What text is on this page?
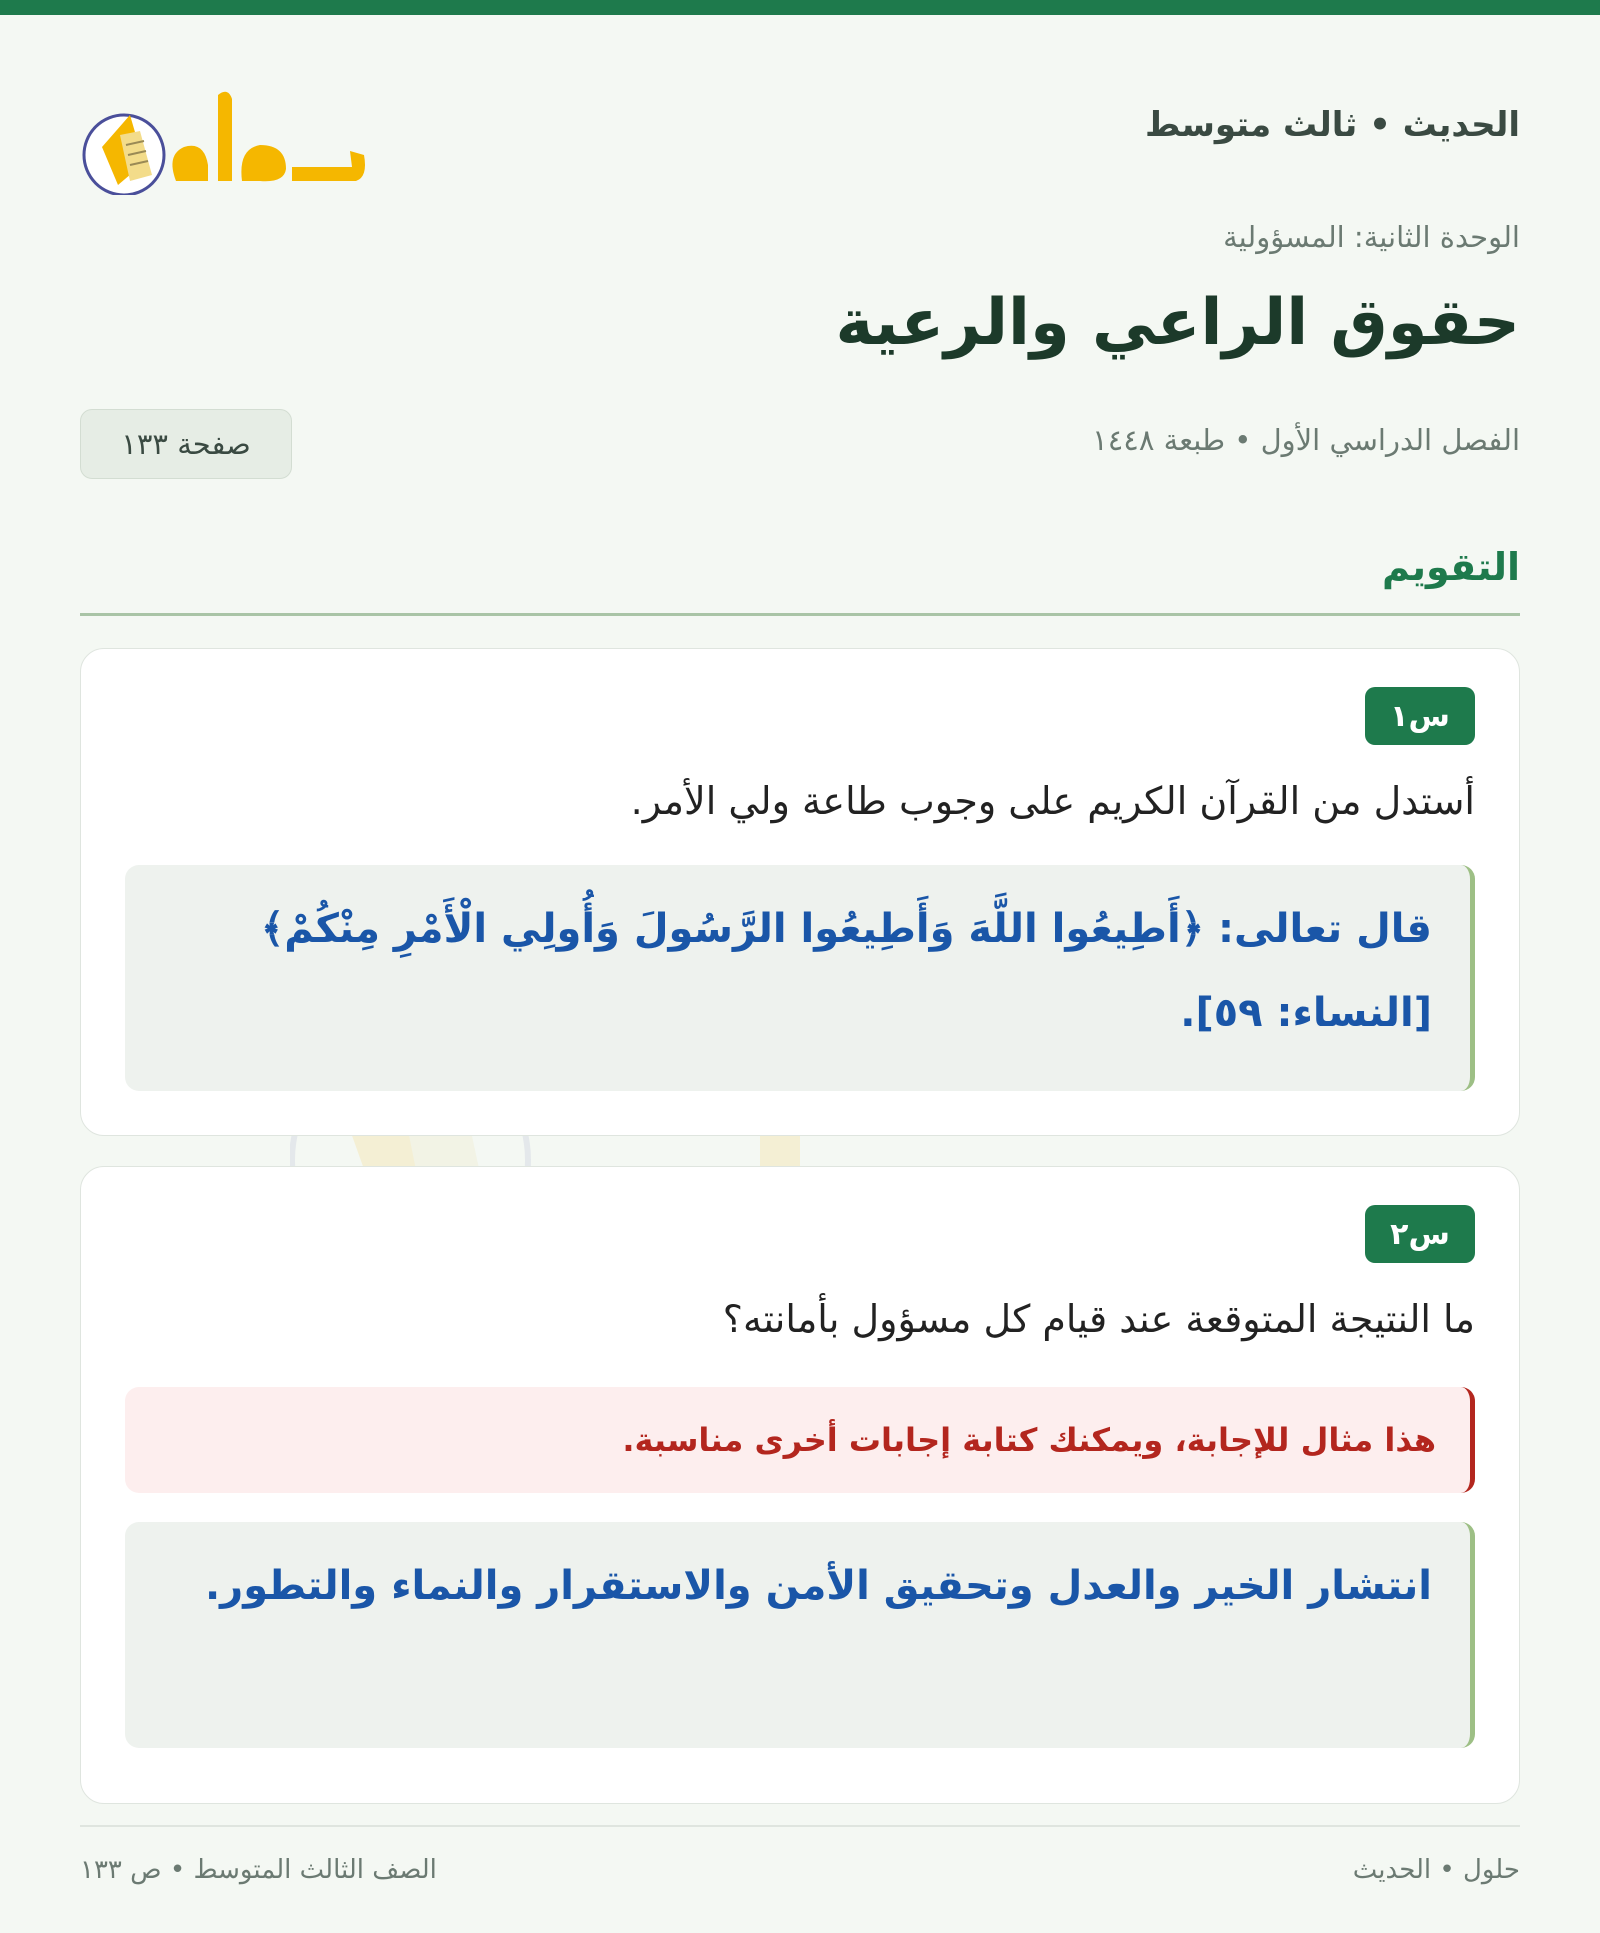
الحديث • ثالث متوسط
الوحدة الثانية: المسؤولية
حقوق الراعي والرعية
الفصل الدراسي الأول • طبعة ١٤٤٨
صفحة ١٣٣
التقويم
س١
أستدل من القرآن الكريم على وجوب طاعة ولي الأمر.
قال تعالى: ﴿أَطِيعُوا اللَّهَ وَأَطِيعُوا الرَّسُولَ وَأُولِي الْأَمْرِ مِنْكُمْ﴾ [النساء: ٥٩].
س٢
ما النتيجة المتوقعة عند قيام كل مسؤول بأمانته؟
هذا مثال للإجابة، ويمكنك كتابة إجابات أخرى مناسبة.
انتشار الخير والعدل وتحقيق الأمن والاستقرار والنماء والتطور.
حلول • الحديث
الصف الثالث المتوسط • ص ١٣٣
